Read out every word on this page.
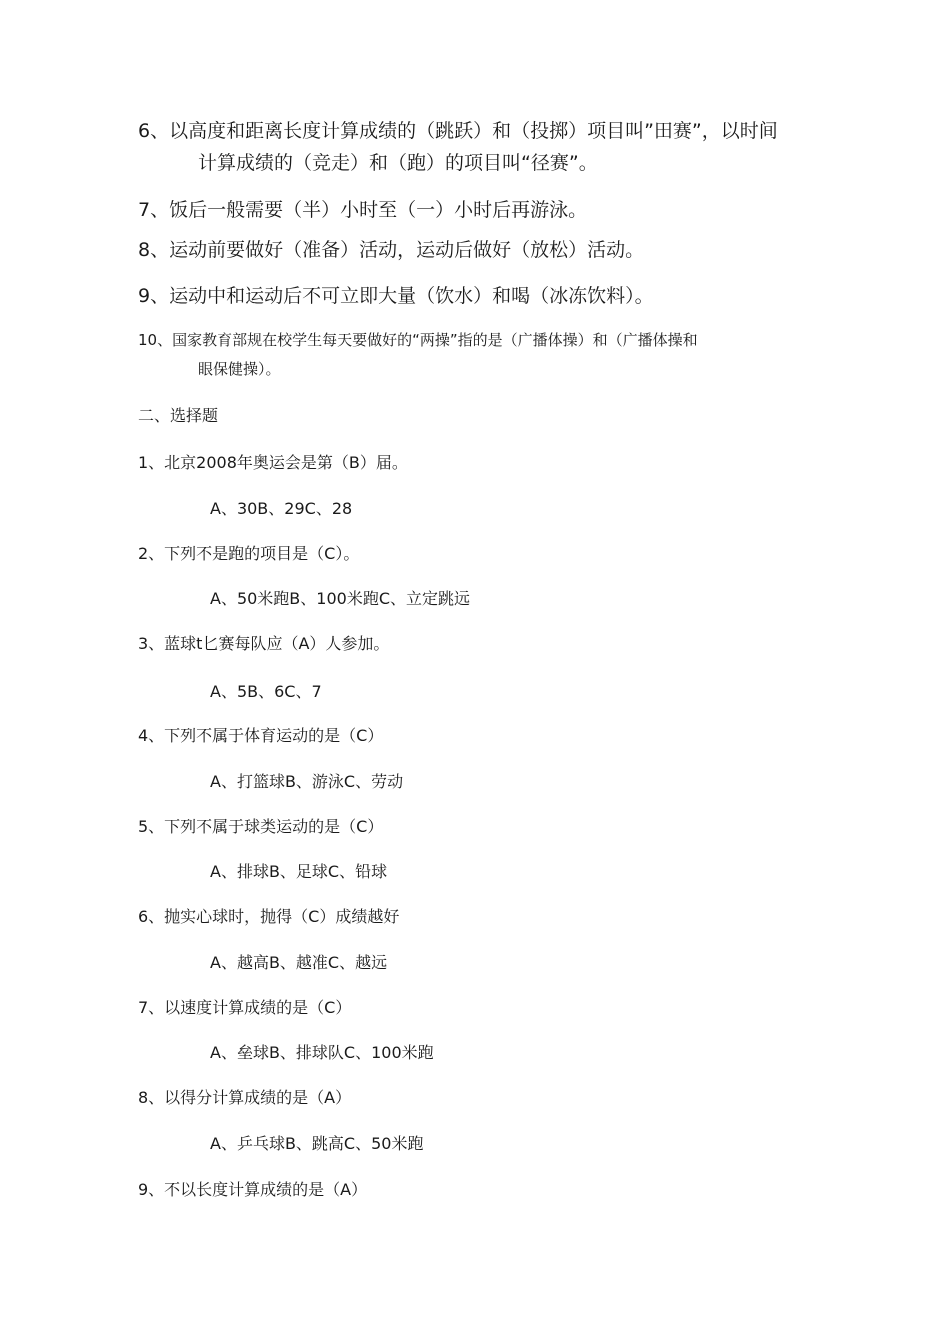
6、以高度和距离长度计算成绩的（跳跃）和（投掷）项目叫”田赛”，以时间
计算成绩的（竞走）和（跑）的项目叫“径赛”。
7、饭后一般需要（半）小时至（一）小时后再游泳。
8、运动前要做好（准备）活动，运动后做好（放松）活动。
9、运动中和运动后不可立即大量（饮水）和喝（冰冻饮料）。
10、国家教育部规在校学生每天要做好的“两操”指的是（广播体操）和（广播体操和
眼保健操）。
二、选择题
1、北京2008年奥运会是第（B）届。
A、30B、29C、28
2、下列不是跑的项目是（C）。
A、50米跑B、100米跑C、立定跳远
3、蓝球t匕赛每队应（A）人参加。
A、5B、6C、7
4、下列不属于体育运动的是（C）
A、打篮球B、游泳C、劳动
5、下列不属于球类运动的是（C）
A、排球B、足球C、铅球
6、抛实心球时，抛得（C）成绩越好
A、越高B、越准C、越远
7、以速度计算成绩的是（C）
A、垒球B、排球队C、100米跑
8、以得分计算成绩的是（A）
A、乒乓球B、跳高C、50米跑
9、不以长度计算成绩的是（A）
